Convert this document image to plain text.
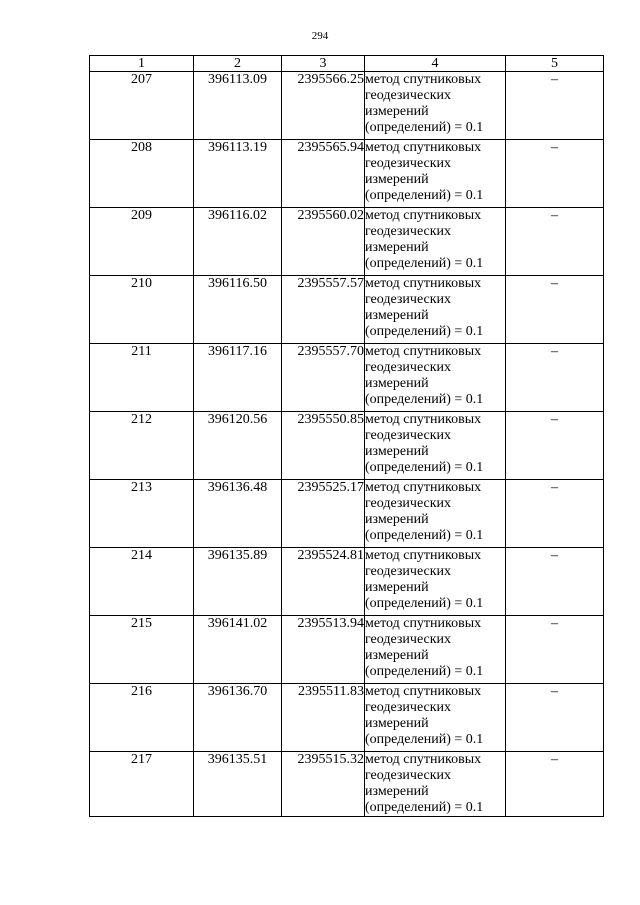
294
1	2	3	4	5
207	396113.09	2395566.25	метод спутниковых
геодезических
измерений
(определений) = 0.1	–
208	396113.19	2395565.94	метод спутниковых
геодезических
измерений
(определений) = 0.1	–
209	396116.02	2395560.02	метод спутниковых
геодезических
измерений
(определений) = 0.1	–
210	396116.50	2395557.57	метод спутниковых
геодезических
измерений
(определений) = 0.1	–
211	396117.16	2395557.70	метод спутниковых
геодезических
измерений
(определений) = 0.1	–
212	396120.56	2395550.85	метод спутниковых
геодезических
измерений
(определений) = 0.1	–
213	396136.48	2395525.17	метод спутниковых
геодезических
измерений
(определений) = 0.1	–
214	396135.89	2395524.81	метод спутниковых
геодезических
измерений
(определений) = 0.1	–
215	396141.02	2395513.94	метод спутниковых
геодезических
измерений
(определений) = 0.1	–
216	396136.70	2395511.83	метод спутниковых
геодезических
измерений
(определений) = 0.1	–
217	396135.51	2395515.32	метод спутниковых
геодезических
измерений
(определений) = 0.1	–
